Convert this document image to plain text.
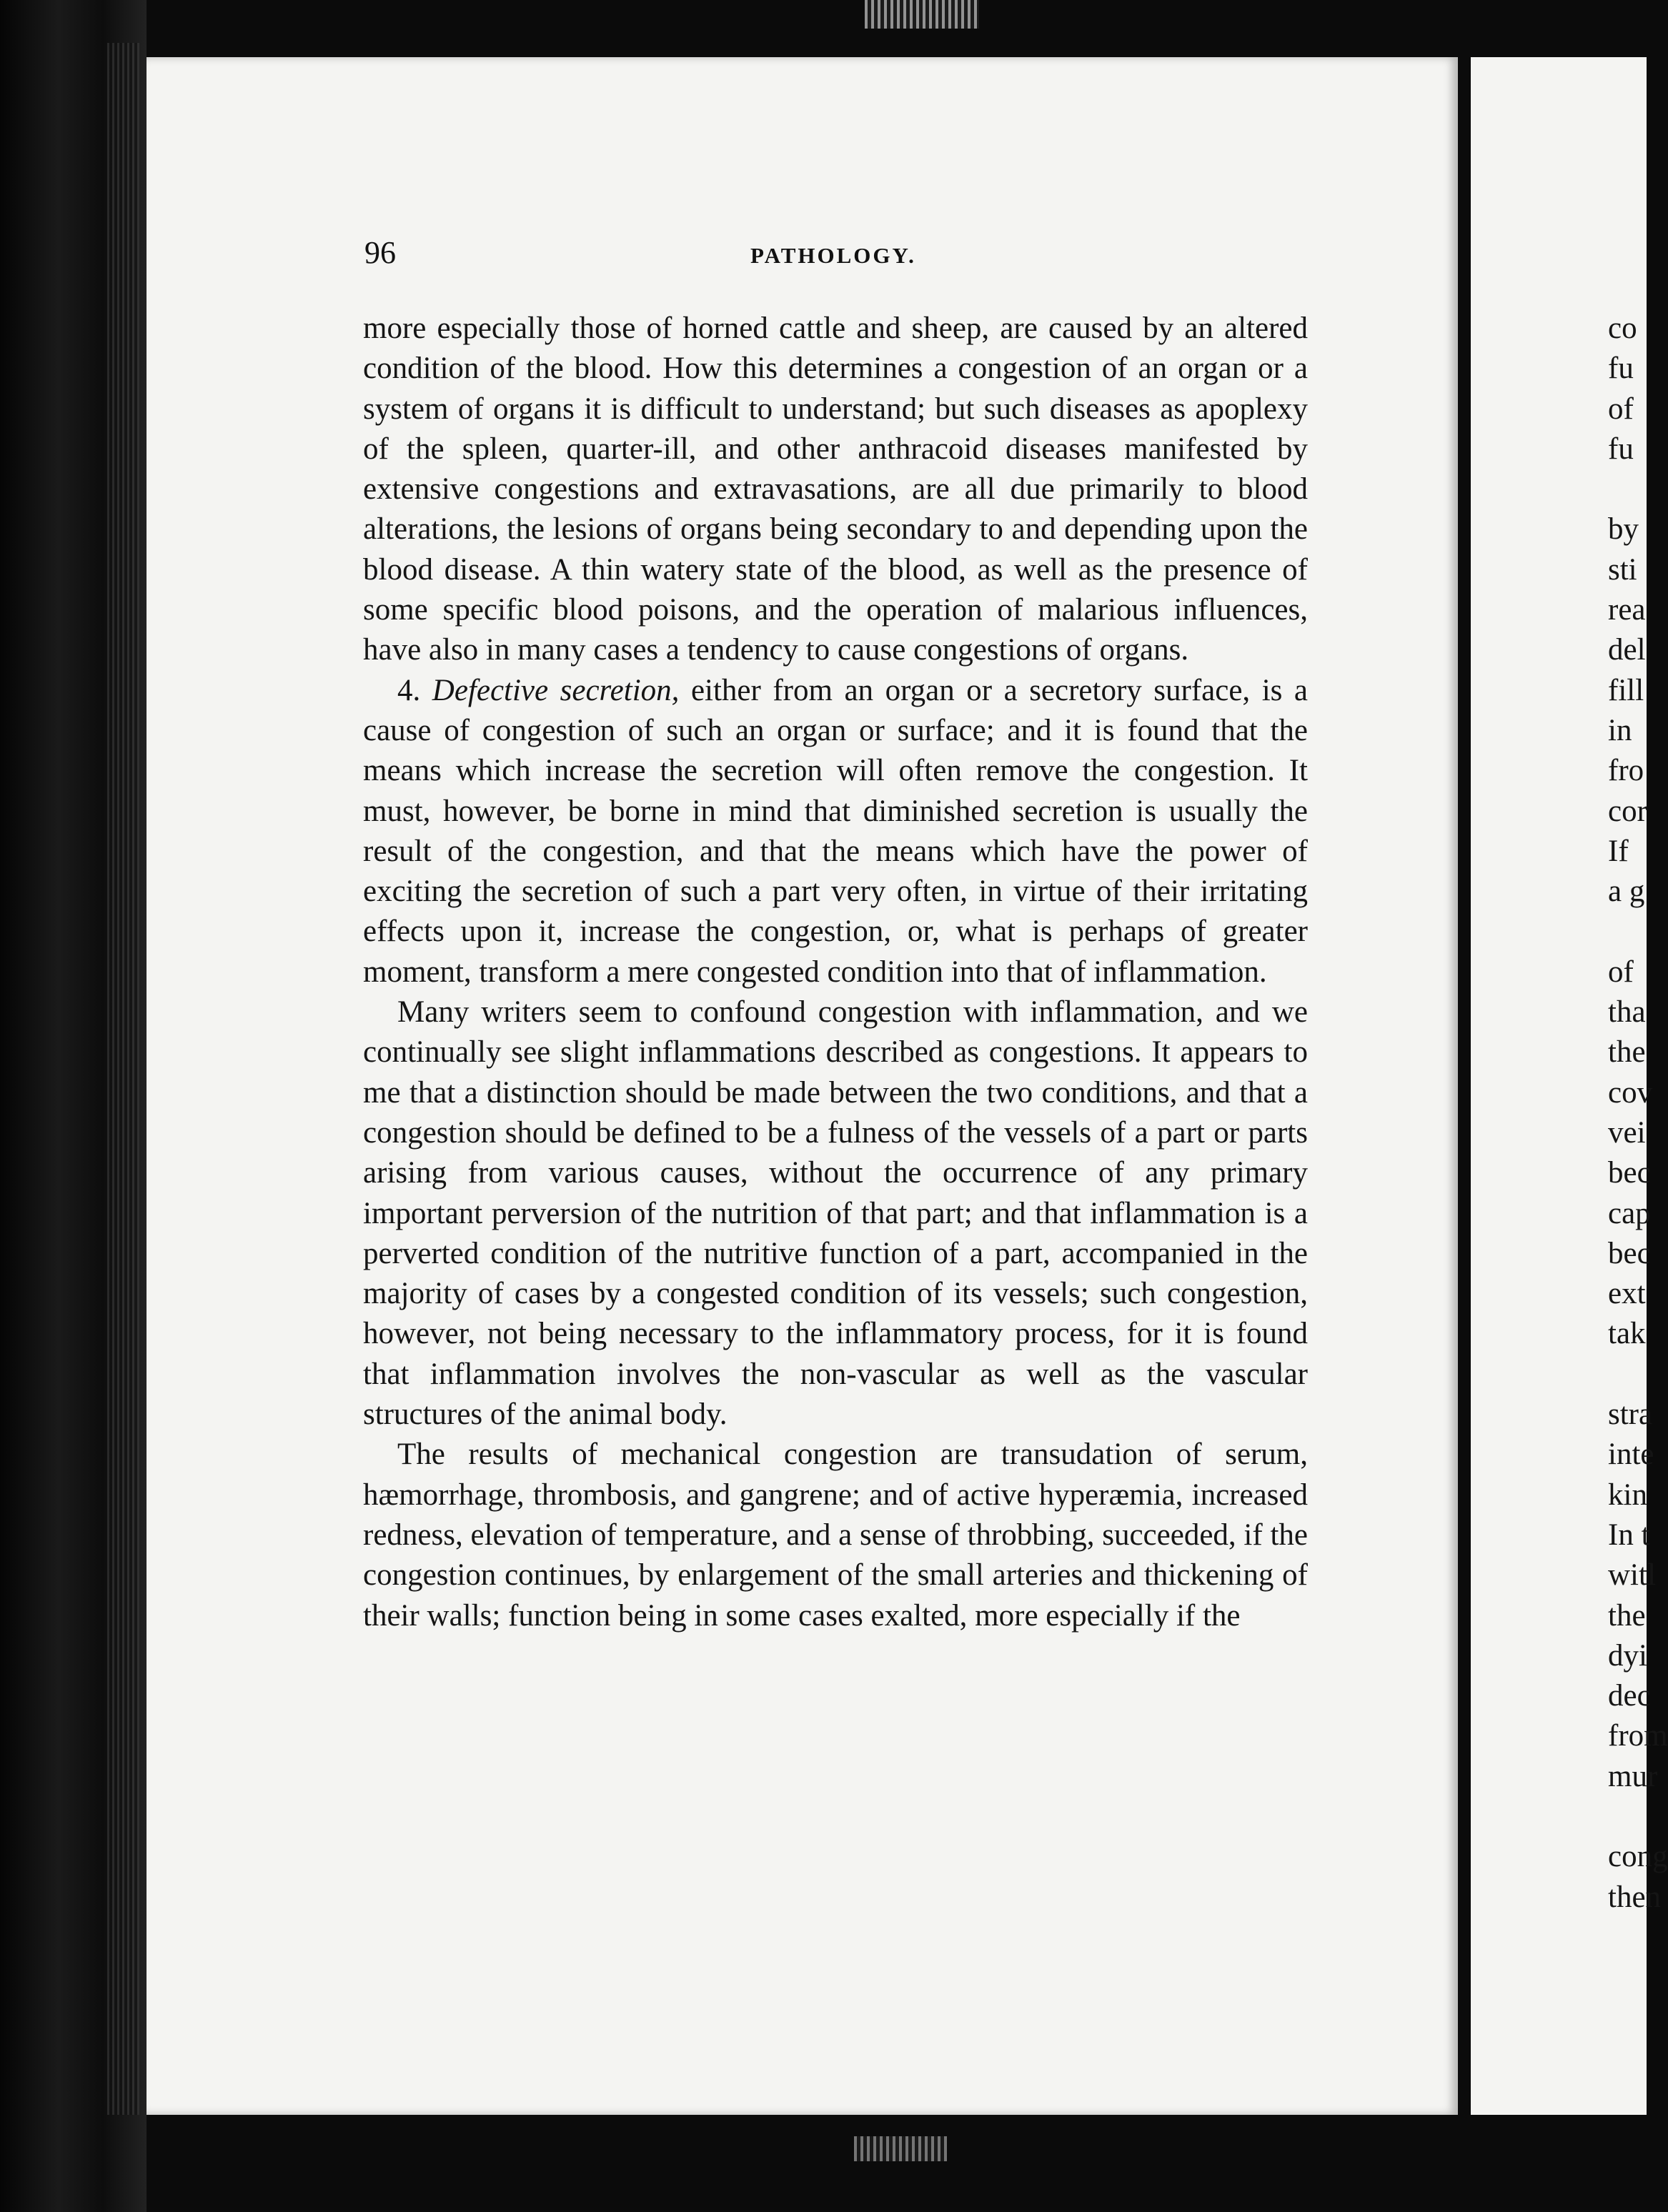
96	PATHOLOGY.

more especially those of horned cattle and sheep, are caused by an altered condition of the blood. How this determines a congestion of an organ or a system of organs it is difficult to understand; but such diseases as apoplexy of the spleen, quarter-ill, and other anthracoid diseases manifested by extensive congestions and extravasations, are all due primarily to blood alterations, the lesions of organs being secondary to and depending upon the blood disease. A thin watery state of the blood, as well as the presence of some specific blood poisons, and the operation of malarious influences, have also in many cases a tendency to cause congestions of organs.

4. Defective secretion, either from an organ or a secretory surface, is a cause of congestion of such an organ or surface; and it is found that the means which increase the secretion will often remove the congestion. It must, however, be borne in mind that diminished secretion is usually the result of the congestion, and that the means which have the power of exciting the secretion of such a part very often, in virtue of their irritating effects upon it, increase the congestion, or, what is perhaps of greater moment, transform a mere congested condition into that of inflammation.

Many writers seem to confound congestion with inflammation, and we continually see slight inflammations described as congestions. It appears to me that a distinction should be made between the two conditions, and that a congestion should be defined to be a fulness of the vessels of a part or parts arising from various causes, without the occurrence of any primary important perversion of the nutrition of that part; and that inflammation is a perverted condition of the nutritive function of a part, accompanied in the majority of cases by a congested condition of its vessels; such congestion, however, not being necessary to the inflammatory process, for it is found that inflammation involves the non-vascular as well as the vascular structures of the animal body.

The results of mechanical congestion are transudation of serum, hæmorrhage, thrombosis, and gangrene; and of active hyperæmia, increased redness, elevation of temperature, and a sense of throbbing, succeeded, if the congestion continues, by enlargement of the small arteries and thickening of their walls; function being in some cases exalted, more especially if the

co
fu
of
fu
by
sti
rea
del
fill
in
fro
cor
If
a g
of
tha
the
cov
vei
bec
cap
bec
ext
tak
stra
inte
kin
In t
witl
the
dyi
dec
from
mur
cong
then
